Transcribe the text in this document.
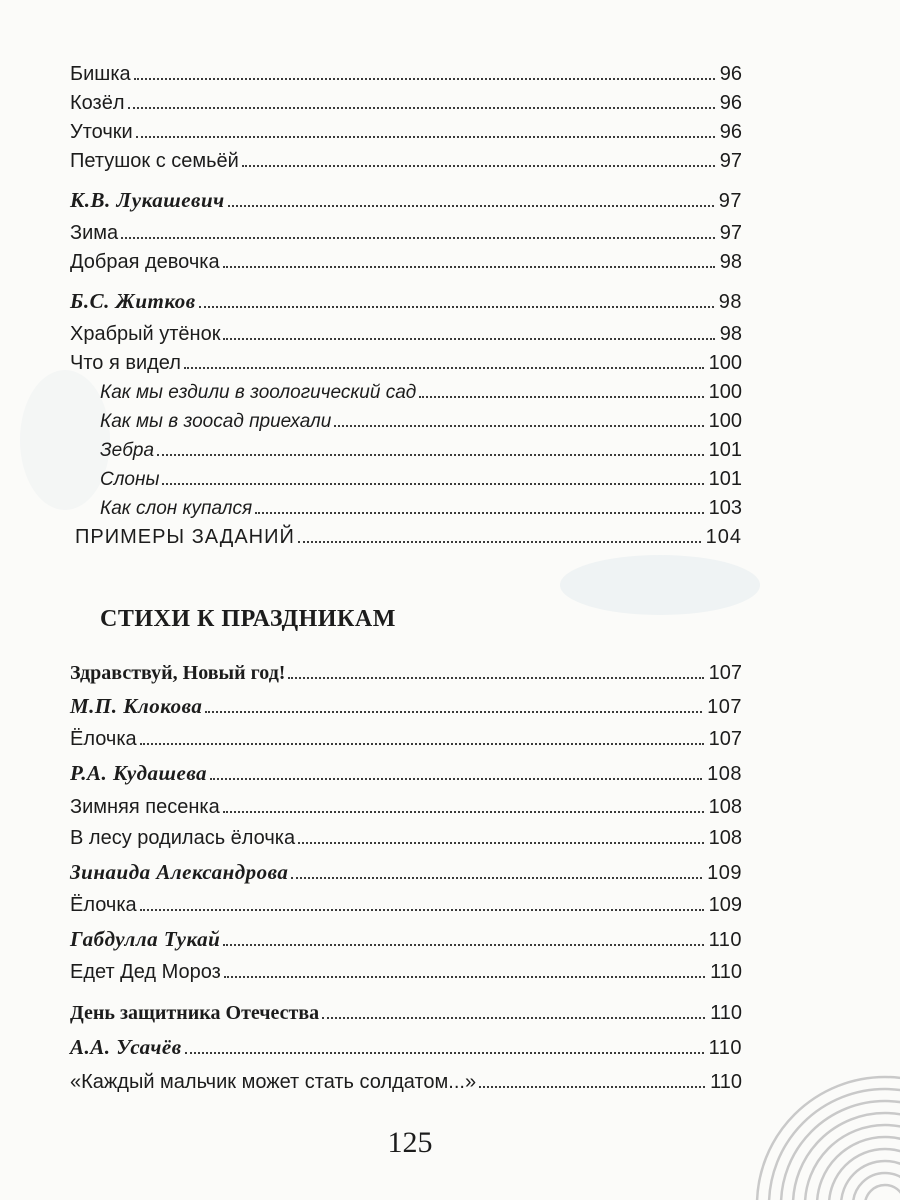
Бишка	96
Козёл	96
Уточки	96
Петушок с семьёй	97
К.В. Лукашевич	97
Зима	97
Добрая девочка	98
Б.С. Житков	98
Храбрый утёнок	98
Что я видел	100
Как мы ездили в зоологический сад	100
Как мы в зоосад приехали	100
Зебра	101
Слоны	101
Как слон купался	103
ПРИМЕРЫ ЗАДАНИЙ	104
СТИХИ К ПРАЗДНИКАМ
Здравствуй, Новый год!	107
М.П. Клокова	107
Ёлочка	107
Р.А. Кудашева	108
Зимняя песенка	108
В лесу родилась ёлочка	108
Зинаида Александрова	109
Ёлочка	109
Габдулла Тукай	110
Едет Дед Мороз	110
День защитника Отечества	110
А.А. Усачёв	110
«Каждый мальчик может стать солдатом...»	110
125
